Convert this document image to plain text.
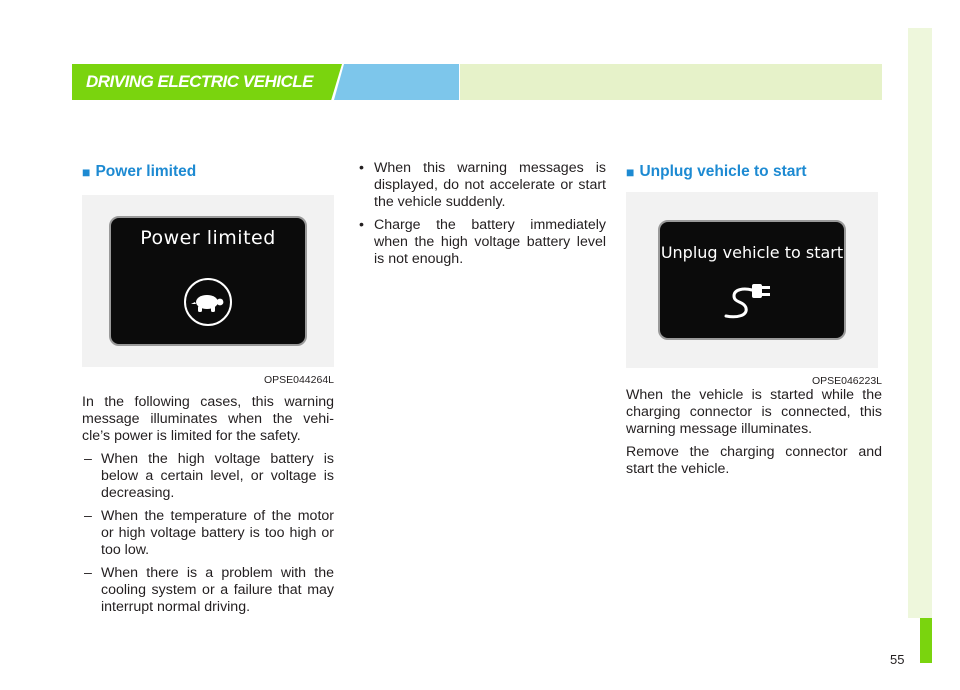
DRIVING ELECTRIC VEHICLE
■ Power limited
Power limited
OPSE044264L

In the following cases, this warning message illuminates when the vehi-cle’s power is limited for the safety.

– When the high voltage battery is below a certain level, or voltage is decreasing.
– When the temperature of the motor or high voltage battery is too high or too low.
– When there is a problem with the cooling system or a failure that may interrupt normal driving.
• When this warning messages is displayed, do not accelerate or start the vehicle suddenly.
• Charge the battery immediately when the high voltage battery level is not enough.
■ Unplug vehicle to start
Unplug vehicle to start
OPSE046223L

When the vehicle is started while the charging connector is connected, this warning message illuminates.

Remove the charging connector and start the vehicle.

55
